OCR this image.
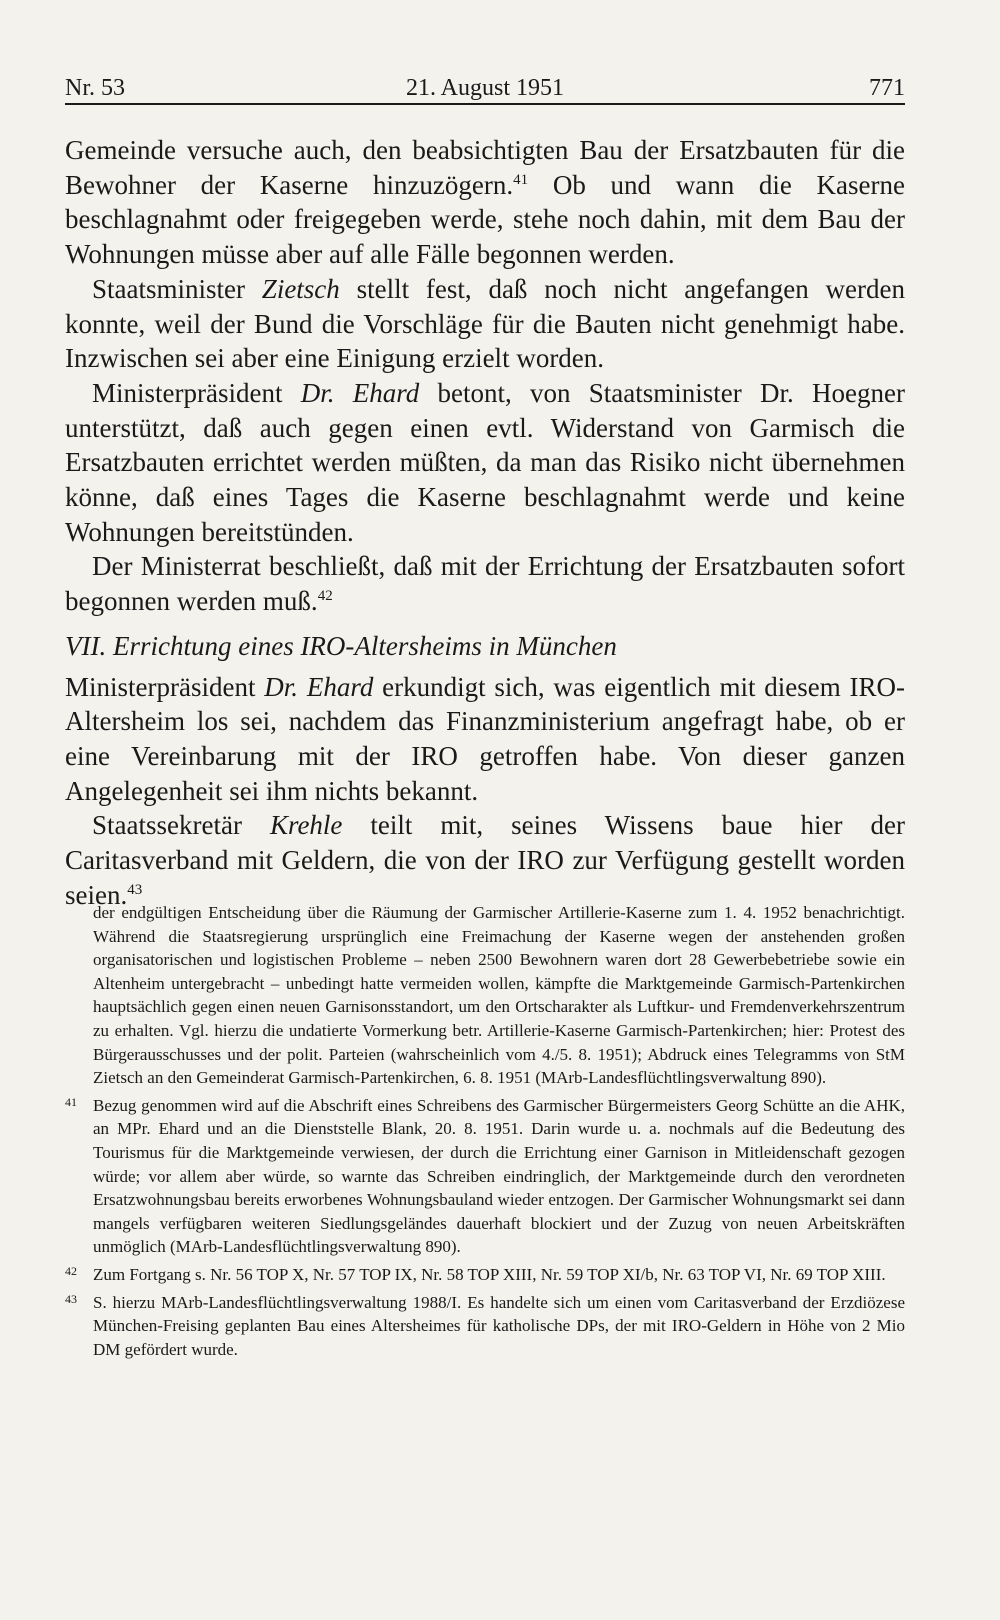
Nr. 53	21. August 1951	771

Gemeinde versuche auch, den beabsichtigten Bau der Ersatzbauten für die Bewohner der Kaserne hinzuzögern.$^{41}$ Ob und wann die Kaserne beschlagnahmt oder freigegeben werde, stehe noch dahin, mit dem Bau der Wohnungen müsse aber auf alle Fälle begonnen werden.

Staatsminister Zietsch stellt fest, daß noch nicht angefangen werden konnte, weil der Bund die Vorschläge für die Bauten nicht genehmigt habe. Inzwischen sei aber eine Einigung erzielt worden.

Ministerpräsident Dr. Ehard betont, von Staatsminister Dr. Hoegner unterstützt, daß auch gegen einen evtl. Widerstand von Garmisch die Ersatzbauten errichtet werden müßten, da man das Risiko nicht übernehmen könne, daß eines Tages die Kaserne beschlagnahmt werde und keine Wohnungen bereitstünden.

Der Ministerrat beschließt, daß mit der Errichtung der Ersatzbauten sofort begonnen werden muß.$^{42}$

VII. Errichtung eines IRO-Altersheims in München

Ministerpräsident Dr. Ehard erkundigt sich, was eigentlich mit diesem IRO-Altersheim los sei, nachdem das Finanzministerium angefragt habe, ob er eine Vereinbarung mit der IRO getroffen habe. Von dieser ganzen Angelegenheit sei ihm nichts bekannt.

Staatssekretär Krehle teilt mit, seines Wissens baue hier der Caritasverband mit Geldern, die von der IRO zur Verfügung gestellt worden seien.$^{43}$

der endgültigen Entscheidung über die Räumung der Garmischer Artillerie-Kaserne zum 1. 4. 1952 benachrichtigt. Während die Staatsregierung ursprünglich eine Freimachung der Kaserne wegen der anstehenden großen organisatorischen und logistischen Probleme – neben 2500 Bewohnern waren dort 28 Gewerbebetriebe sowie ein Altenheim untergebracht – unbedingt hatte vermeiden wollen, kämpfte die Marktgemeinde Garmisch-Partenkirchen hauptsächlich gegen einen neuen Garnisonsstandort, um den Ortscharakter als Luftkur- und Fremdenverkehrszentrum zu erhalten. Vgl. hierzu die undatierte Vormerkung betr. Artillerie-Kaserne Garmisch-Partenkirchen; hier: Protest des Bürgerausschusses und der polit. Parteien (wahrscheinlich vom 4./5. 8. 1951); Abdruck eines Telegramms von StM Zietsch an den Gemeinderat Garmisch-Partenkirchen, 6. 8. 1951 (MArb-Landesflüchtlingsverwaltung 890).

41 Bezug genommen wird auf die Abschrift eines Schreibens des Garmischer Bürgermeisters Georg Schütte an die AHK, an MPr. Ehard und an die Dienststelle Blank, 20. 8. 1951. Darin wurde u. a. nochmals auf die Bedeutung des Tourismus für die Marktgemeinde verwiesen, der durch die Errichtung einer Garnison in Mitleidenschaft gezogen würde; vor allem aber würde, so warnte das Schreiben eindringlich, der Marktgemeinde durch den verordneten Ersatzwohnungsbau bereits erworbenes Wohnungsbauland wieder entzogen. Der Garmischer Wohnungsmarkt sei dann mangels verfügbaren weiteren Siedlungsgeländes dauerhaft blockiert und der Zuzug von neuen Arbeitskräften unmöglich (MArb-Landesflüchtlingsverwaltung 890).
42 Zum Fortgang s. Nr. 56 TOP X, Nr. 57 TOP IX, Nr. 58 TOP XIII, Nr. 59 TOP XI/b, Nr. 63 TOP VI, Nr. 69 TOP XIII.
43 S. hierzu MArb-Landesflüchtlingsverwaltung 1988/I. Es handelte sich um einen vom Caritasverband der Erzdiözese München-Freising geplanten Bau eines Altersheimes für katholische DPs, der mit IRO-Geldern in Höhe von 2 Mio DM gefördert wurde.
